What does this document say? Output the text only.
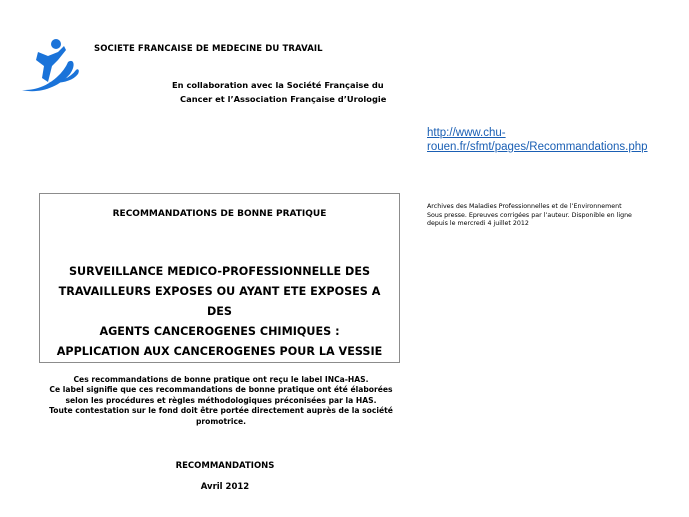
SOCIETE FRANCAISE DE MEDECINE DU TRAVAIL
En collaboration avec la Société Française du
Cancer et l’Association Française d’Urologie
http://www.chu-
rouen.fr/sfmt/pages/Recommandations.php
Archives des Maladies Professionnelles et de l’Environnement
Sous presse. Epreuves corrigées par l’auteur. Disponible en ligne
depuis le mercredi 4 juillet 2012
RECOMMANDATIONS DE BONNE PRATIQUE
SURVEILLANCE MEDICO-PROFESSIONNELLE DES
TRAVAILLEURS EXPOSES OU AYANT ETE EXPOSES A DES
AGENTS CANCEROGENES CHIMIQUES :
APPLICATION AUX CANCEROGENES POUR LA VESSIE
Ces recommandations de bonne pratique ont reçu le label INCa-HAS.
Ce label signifie que ces recommandations de bonne pratique ont été élaborées
selon les procédures et règles méthodologiques préconisées par la HAS.
Toute contestation sur le fond doit être portée directement auprès de la société
promotrice.
RECOMMANDATIONS
Avril 2012
